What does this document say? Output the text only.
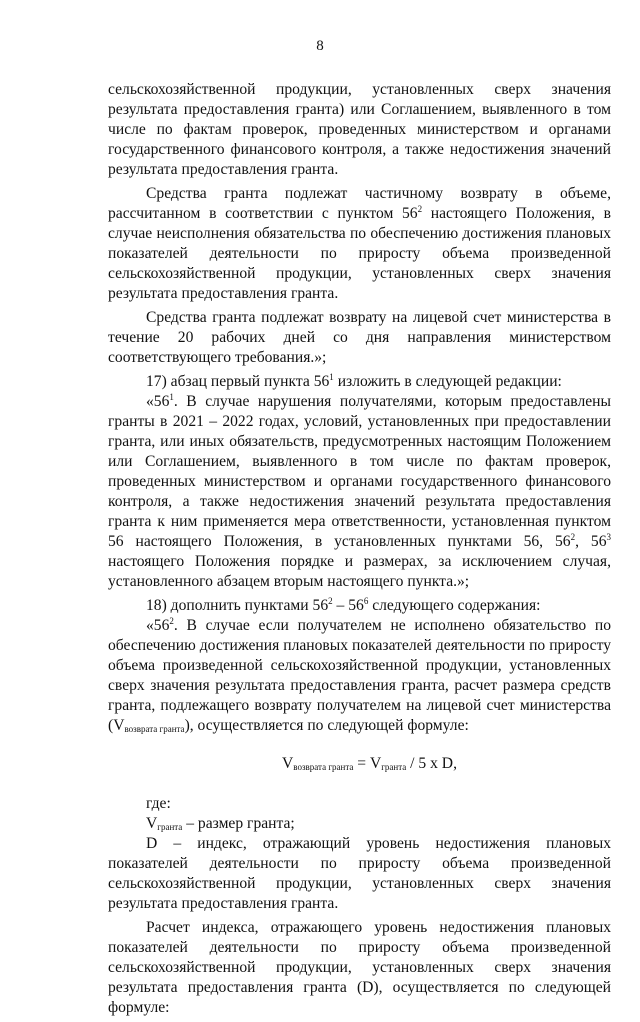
8

сельскохозяйственной продукции, установленных сверх значения результата предоставления гранта) или Соглашением, выявленного в том числе по фактам проверок, проведенных министерством и органами государственного финансового контроля, а также недостижения значений результата предоставления гранта.

Средства гранта подлежат частичному возврату в объеме, рассчитанном в соответствии с пунктом $56^2$ настоящего Положения, в случае неисполнения обязательства по обеспечению достижения плановых показателей деятельности по приросту объема произведенной сельскохозяйственной продукции, установленных сверх значения результата предоставления гранта.

Средства гранта подлежат возврату на лицевой счет министерства в течение 20 рабочих дней со дня направления министерством соответствующего требования.»;

17) абзац первый пункта $56^1$ изложить в следующей редакции:

«$56^1$. В случае нарушения получателями, которым предоставлены гранты в 2021 – 2022 годах, условий, установленных при предоставлении гранта, или иных обязательств, предусмотренных настоящим Положением или Соглашением, выявленного в том числе по фактам проверок, проведенных министерством и органами государственного финансового контроля, а также недостижения значений результата предоставления гранта к ним применяется мера ответственности, установленная пунктом 56 настоящего Положения, в установленных пунктами 56, $56^2$, $56^3$ настоящего Положения порядке и размерах, за исключением случая, установленного абзацем вторым настоящего пункта.»;

18) дополнить пунктами $56^2 - 56^6$ следующего содержания:

«$56^2$. В случае если получателем не исполнено обязательство по обеспечению достижения плановых показателей деятельности по приросту объема произведенной сельскохозяйственной продукции, установленных сверх значения результата предоставления гранта, расчет размера средств гранта, подлежащего возврату получателем на лицевой счет министерства $(V_{возврата гранта})$, осуществляется по следующей формуле:

$V_{возврата гранта} = V_{гранта} / 5$ х D,

где:

$V_{гранта}$ – размер гранта;

D – индекс, отражающий уровень недостижения плановых показателей деятельности по приросту объема произведенной сельскохозяйственной продукции, установленных сверх значения результата предоставления гранта.

Расчет индекса, отражающего уровень недостижения плановых показателей деятельности по приросту объема произведенной сельскохозяйственной продукции, установленных сверх значения результата предоставления гранта (D), осуществляется по следующей формуле:
